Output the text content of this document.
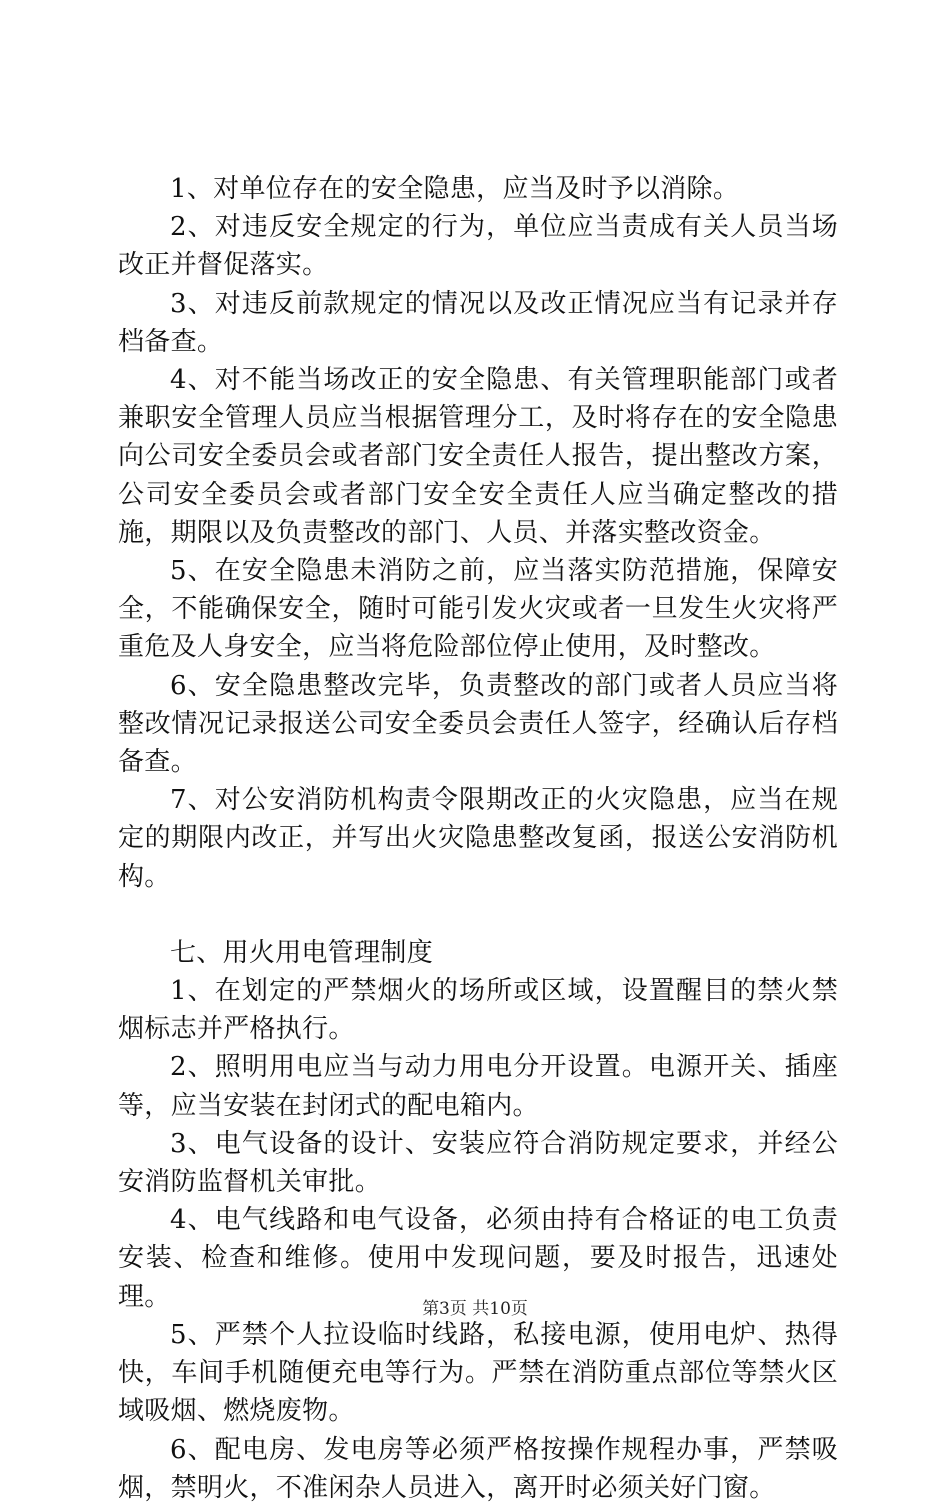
1、对单位存在的安全隐患，应当及时予以消除。

2、对违反安全规定的行为，单位应当责成有关人员当场改正并督促落实。

3、对违反前款规定的情况以及改正情况应当有记录并存档备查。

4、对不能当场改正的安全隐患、有关管理职能部门或者兼职安全管理人员应当根据管理分工，及时将存在的安全隐患向公司安全委员会或者部门安全责任人报告，提出整改方案，公司安全委员会或者部门安全安全责任人应当确定整改的措施，期限以及负责整改的部门、人员、并落实整改资金。

5、在安全隐患未消防之前，应当落实防范措施，保障安全，不能确保安全，随时可能引发火灾或者一旦发生火灾将严重危及人身安全，应当将危险部位停止使用，及时整改。

6、安全隐患整改完毕，负责整改的部门或者人员应当将整改情况记录报送公司安全委员会责任人签字，经确认后存档备查。

7、对公安消防机构责令限期改正的火灾隐患，应当在规定的期限内改正，并写出火灾隐患整改复函，报送公安消防机构。

七、用火用电管理制度

1、在划定的严禁烟火的场所或区域，设置醒目的禁火禁烟标志并严格执行。

2、照明用电应当与动力用电分开设置。电源开关、插座等，应当安装在封闭式的配电箱内。

3、电气设备的设计、安装应符合消防规定要求，并经公安消防监督机关审批。

4、电气线路和电气设备，必须由持有合格证的电工负责安装、检查和维修。使用中发现问题，要及时报告，迅速处理。

5、严禁个人拉设临时线路，私接电源，使用电炉、热得快，车间手机随便充电等行为。严禁在消防重点部位等禁火区域吸烟、燃烧废物。

6、配电房、发电房等必须严格按操作规程办事，严禁吸烟，禁明火，不准闲杂人员进入，离开时必须关好门窗。

第3页 共10页
